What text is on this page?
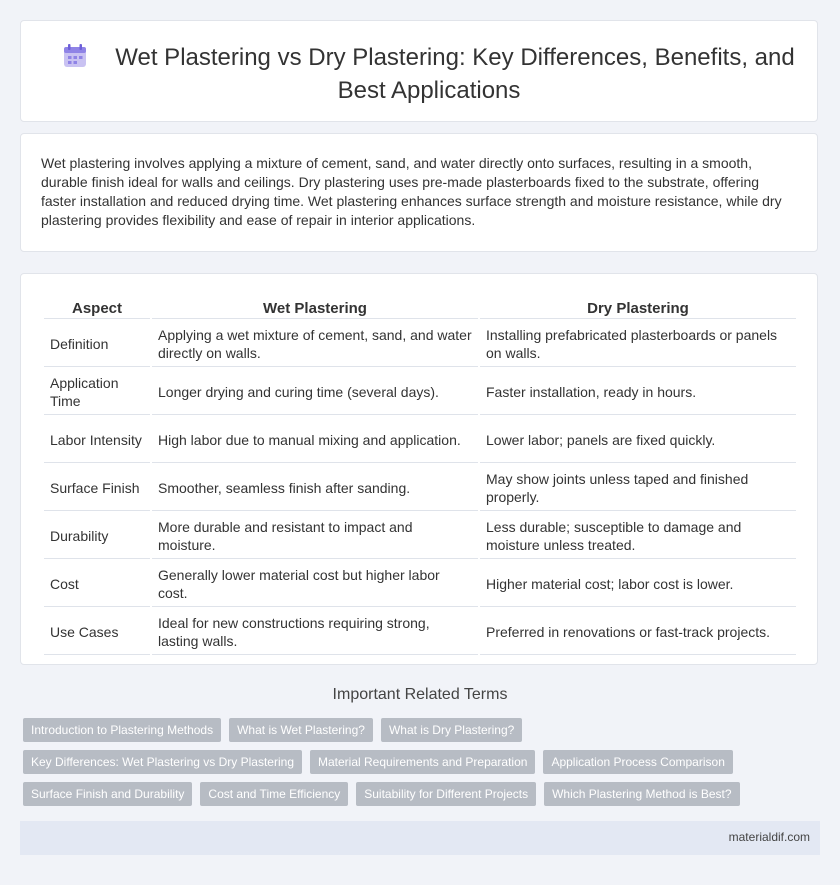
Wet Plastering vs Dry Plastering: Key Differences, Benefits, and Best Applications

Wet plastering involves applying a mixture of cement, sand, and water directly onto surfaces, resulting in a smooth, durable finish ideal for walls and ceilings. Dry plastering uses pre-made plasterboards fixed to the substrate, offering faster installation and reduced drying time. Wet plastering enhances surface strength and moisture resistance, while dry plastering provides flexibility and ease of repair in interior applications.

Aspect	Wet Plastering	Dry Plastering
Definition	Applying a wet mixture of cement, sand, and water directly on walls.	Installing prefabricated plasterboards or panels on walls.
Application Time	Longer drying and curing time (several days).	Faster installation, ready in hours.
Labor Intensity	High labor due to manual mixing and application.	Lower labor; panels are fixed quickly.
Surface Finish	Smoother, seamless finish after sanding.	May show joints unless taped and finished properly.
Durability	More durable and resistant to impact and moisture.	Less durable; susceptible to damage and moisture unless treated.
Cost	Generally lower material cost but higher labor cost.	Higher material cost; labor cost is lower.
Use Cases	Ideal for new constructions requiring strong, lasting walls.	Preferred in renovations or fast-track projects.
Important Related Terms
Introduction to Plastering Methods	What is Wet Plastering?	What is Dry Plastering?
Key Differences: Wet Plastering vs Dry Plastering	Material Requirements and Preparation	Application Process Comparison
Surface Finish and Durability	Cost and Time Efficiency	Suitability for Different Projects	Which Plastering Method is Best?
materialdif.com
